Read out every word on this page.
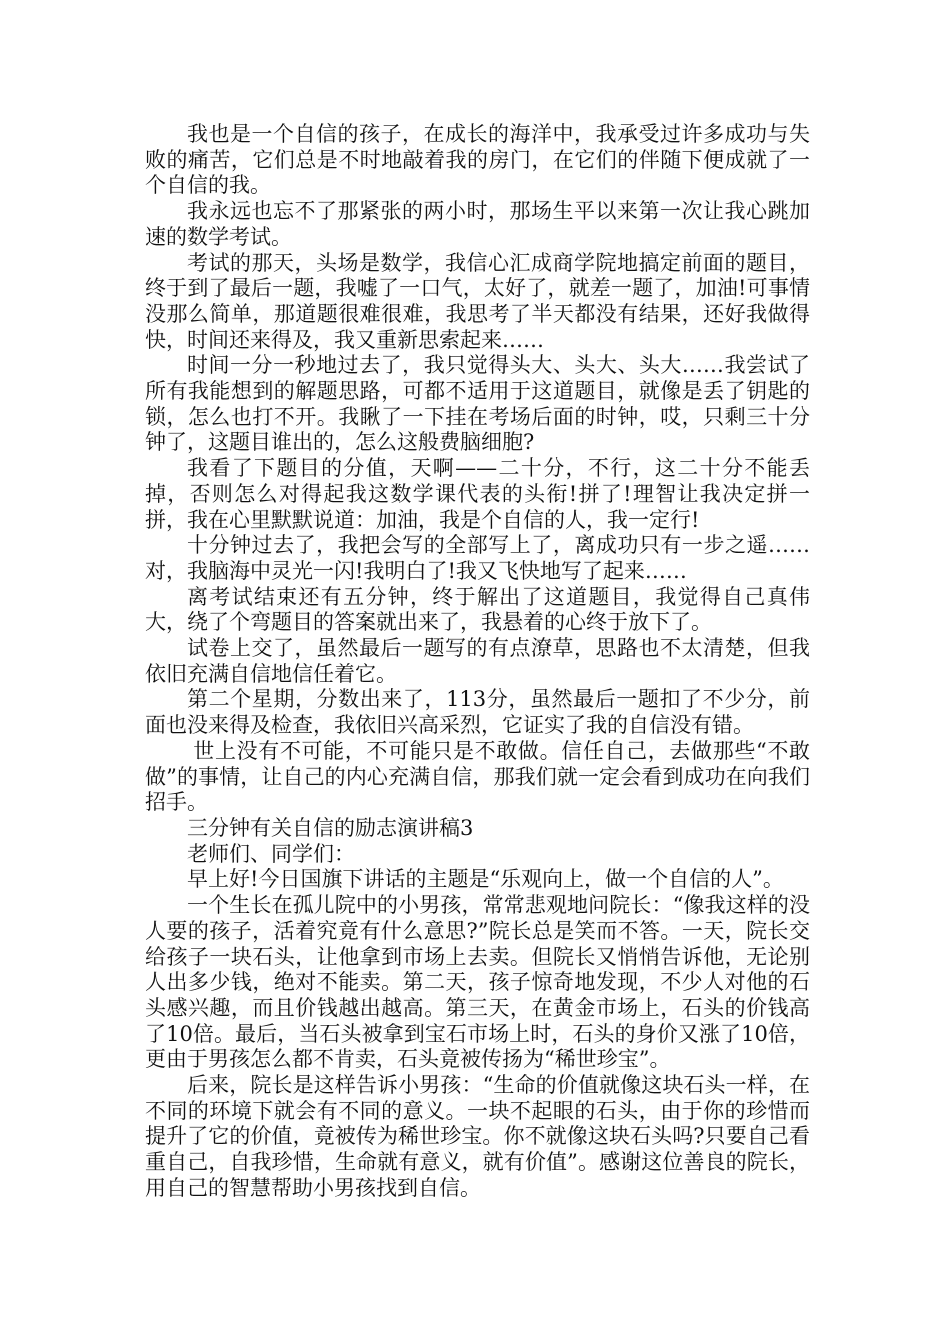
我也是一个自信的孩子，在成长的海洋中，我承受过许多成功与失败的痛苦，它们总是不时地敲着我的房门，在它们的伴随下便成就了一个自信的我。

我永远也忘不了那紧张的两小时，那场生平以来第一次让我心跳加速的数学考试。

考试的那天，头场是数学，我信心汇成商学院地搞定前面的题目，终于到了最后一题，我嘘了一口气，太好了，就差一题了，加油!可事情没那么简单，那道题很难很难，我思考了半天都没有结果，还好我做得快，时间还来得及，我又重新思索起来……

时间一分一秒地过去了，我只觉得头大、头大、头大……我尝试了所有我能想到的解题思路，可都不适用于这道题目，就像是丢了钥匙的锁，怎么也打不开。我瞅了一下挂在考场后面的时钟，哎，只剩三十分钟了，这题目谁出的，怎么这般费脑细胞?

我看了下题目的分值，天啊——二十分，不行，这二十分不能丢掉，否则怎么对得起我这数学课代表的头衔!拼了!理智让我决定拼一拼，我在心里默默说道：加油，我是个自信的人，我一定行!

十分钟过去了，我把会写的全部写上了，离成功只有一步之遥……对，我脑海中灵光一闪!我明白了!我又飞快地写了起来……

离考试结束还有五分钟，终于解出了这道题目，我觉得自己真伟大，绕了个弯题目的答案就出来了，我悬着的心终于放下了。

试卷上交了，虽然最后一题写的有点潦草，思路也不太清楚，但我依旧充满自信地信任着它。

第二个星期，分数出来了，113分，虽然最后一题扣了不少分，前面也没来得及检查，我依旧兴高采烈，它证实了我的自信没有错。

世上没有不可能，不可能只是不敢做。信任自己，去做那些“不敢做”的事情，让自己的内心充满自信，那我们就一定会看到成功在向我们招手。

三分钟有关自信的励志演讲稿3

老师们、同学们：

早上好!今日国旗下讲话的主题是“乐观向上，做一个自信的人”。

一个生长在孤儿院中的小男孩，常常悲观地问院长：“像我这样的没人要的孩子，活着究竟有什么意思?”院长总是笑而不答。一天，院长交给孩子一块石头，让他拿到市场上去卖。但院长又悄悄告诉他，无论别人出多少钱，绝对不能卖。第二天，孩子惊奇地发现，不少人对他的石头感兴趣，而且价钱越出越高。第三天，在黄金市场上，石头的价钱高了10倍。最后，当石头被拿到宝石市场上时，石头的身价又涨了10倍，更由于男孩怎么都不肯卖，石头竟被传扬为“稀世珍宝”。

后来，院长是这样告诉小男孩：“生命的价值就像这块石头一样，在不同的环境下就会有不同的意义。一块不起眼的石头，由于你的珍惜而提升了它的价值，竟被传为稀世珍宝。你不就像这块石头吗?只要自己看重自己，自我珍惜，生命就有意义，就有价值”。感谢这位善良的院长，用自己的智慧帮助小男孩找到自信。
